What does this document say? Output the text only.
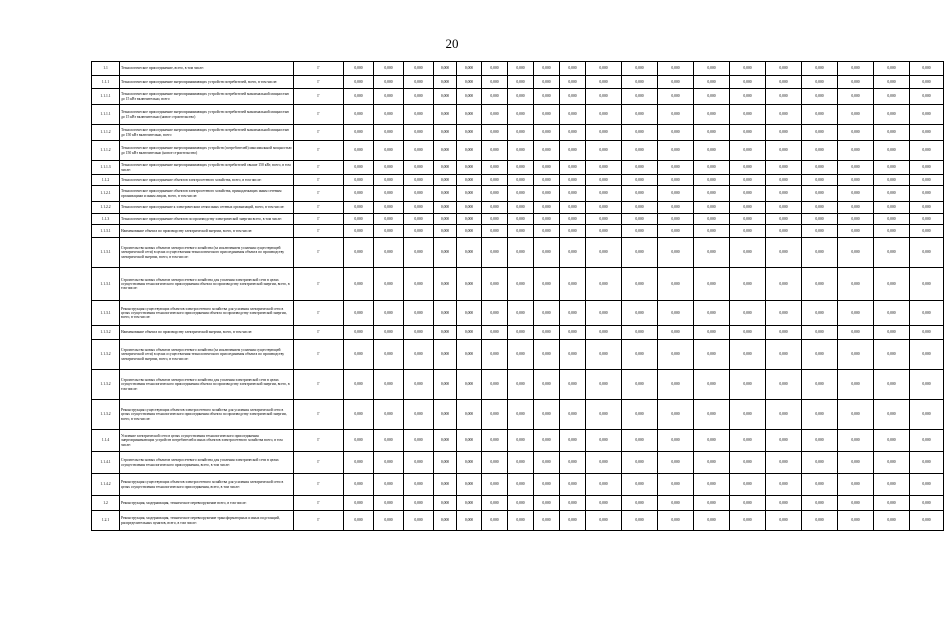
20
1.1	Технологическое присоединение, всего, в том числе:	Г	0,000	0,000	0,000	0,000	0,000	0,000	0,000	0,000	0,000	0,000	0,000	0,000	0,000	0,000	0,000	0,000	0,000	0,000	0,000
1.1.1	Технологическое присоединение энергопринимающих устройств потребителей, всего, в том числе:	Г	0,000	0,000	0,000	0,000	0,000	0,000	0,000	0,000	0,000	0,000	0,000	0,000	0,000	0,000	0,000	0,000	0,000	0,000	0,000
1.1.1.1	Технологическое присоединение энергопринимающих устройств потребителей максимальной мощностью до 15 кВт включительно, всего	Г	0,000	0,000	0,000	0,000	0,000	0,000	0,000	0,000	0,000	0,000	0,000	0,000	0,000	0,000	0,000	0,000	0,000	0,000	0,000
1.1.1.1	Технологическое присоединение энергопринимающих устройств потребителей максимальной мощностью до 15 кВт включительно (новое строительство)	Г	0,000	0,000	0,000	0,000	0,000	0,000	0,000	0,000	0,000	0,000	0,000	0,000	0,000	0,000	0,000	0,000	0,000	0,000	0,000
1.1.1.2	Технологическое присоединение энергопринимающих устройств потребителей максимальной мощностью до 150 кВт включительно, всего	Г	0,000	0,000	0,000	0,000	0,000	0,000	0,000	0,000	0,000	0,000	0,000	0,000	0,000	0,000	0,000	0,000	0,000	0,000	0,000
1.1.1.2	Технологическое присоединение энергопринимающих устройств (потребителей) максимальной мощностью до 150 кВт включительно (новое строительство)	Г	0,000	0,000	0,000	0,000	0,000	0,000	0,000	0,000	0,000	0,000	0,000	0,000	0,000	0,000	0,000	0,000	0,000	0,000	0,000
1.1.1.3	Технологическое присоединение энергопринимающих устройств потребителей свыше 150 кВт, всего, в том числе:	Г	0,000	0,000	0,000	0,000	0,000	0,000	0,000	0,000	0,000	0,000	0,000	0,000	0,000	0,000	0,000	0,000	0,000	0,000	0,000
1.1.2	Технологическое присоединение объектов электросетевого хозяйства, всего, в том числе:	Г	0,000	0,000	0,000	0,000	0,000	0,000	0,000	0,000	0,000	0,000	0,000	0,000	0,000	0,000	0,000	0,000	0,000	0,000	0,000
1.1.2.1	Технологическое присоединение объектов электросетевого хозяйства, принадлежащих иным сетевым организациям и иным лицам, всего, в том числе:	Г	0,000	0,000	0,000	0,000	0,000	0,000	0,000	0,000	0,000	0,000	0,000	0,000	0,000	0,000	0,000	0,000	0,000	0,000	0,000
1.1.2.2	Технологическое присоединение к электрическим сетям иных сетевых организаций, всего, в том числе:	Г	0,000	0,000	0,000	0,000	0,000	0,000	0,000	0,000	0,000	0,000	0,000	0,000	0,000	0,000	0,000	0,000	0,000	0,000	0,000
1.1.3	Технологическое присоединение объектов по производству электрической энергии всего, в том числе:	Г	0,000	0,000	0,000	0,000	0,000	0,000	0,000	0,000	0,000	0,000	0,000	0,000	0,000	0,000	0,000	0,000	0,000	0,000	0,000
1.1.3.1	Наименование объекта по производству электрической энергии, всего, в том числе:	Г	0,000	0,000	0,000	0,000	0,000	0,000	0,000	0,000	0,000	0,000	0,000	0,000	0,000	0,000	0,000	0,000	0,000	0,000	0,000
1.1.3.1	Строительство новых объектов электросетевого хозяйства (за исключением усиления существующей электрической сети) в целях осуществления технологического присоединения объекта по производству электрической энергии, всего, в том числе:	Г	0,000	0,000	0,000	0,000	0,000	0,000	0,000	0,000	0,000	0,000	0,000	0,000	0,000	0,000	0,000	0,000	0,000	0,000	0,000
1.1.3.1	Строительство новых объектов электросетевого хозяйства для усиления электрической сети в целях осуществления технологического присоединения объекта по производству электрической энергии, всего, в том числе:	Г	0,000	0,000	0,000	0,000	0,000	0,000	0,000	0,000	0,000	0,000	0,000	0,000	0,000	0,000	0,000	0,000	0,000	0,000	0,000
1.1.3.1	Реконструкция существующих объектов электросетевого хозяйства для усиления электрической сети в целях осуществления технологического присоединения объекта по производству электрической энергии, всего, в том числе:	Г	0,000	0,000	0,000	0,000	0,000	0,000	0,000	0,000	0,000	0,000	0,000	0,000	0,000	0,000	0,000	0,000	0,000	0,000	0,000
1.1.3.2	Наименование объекта по производству электрической энергии, всего, в том числе:	Г	0,000	0,000	0,000	0,000	0,000	0,000	0,000	0,000	0,000	0,000	0,000	0,000	0,000	0,000	0,000	0,000	0,000	0,000	0,000
1.1.3.2	Строительство новых объектов электросетевого хозяйства (за исключением усиления существующей электрической сети) в целях осуществления технологического присоединения объекта по производству электрической энергии, всего, в том числе:	Г	0,000	0,000	0,000	0,000	0,000	0,000	0,000	0,000	0,000	0,000	0,000	0,000	0,000	0,000	0,000	0,000	0,000	0,000	0,000
1.1.3.2	Строительство новых объектов электросетевого хозяйства для усиления электрической сети в целях осуществления технологического присоединения объекта по производству электрической энергии, всего, в том числе:	Г	0,000	0,000	0,000	0,000	0,000	0,000	0,000	0,000	0,000	0,000	0,000	0,000	0,000	0,000	0,000	0,000	0,000	0,000	0,000
1.1.3.2	Реконструкция существующих объектов электросетевого хозяйства для усиления электрической сети в целях осуществления технологического присоединения объекта по производству электрической энергии, всего, в том числе:	Г	0,000	0,000	0,000	0,000	0,000	0,000	0,000	0,000	0,000	0,000	0,000	0,000	0,000	0,000	0,000	0,000	0,000	0,000	0,000
1.1.4	Усиление электрической сети в целях осуществления технологического присоединения энергопринимающих устройств потребителей и иных объектов электросетевого хозяйства всего, в том числе:	Г	0,000	0,000	0,000	0,000	0,000	0,000	0,000	0,000	0,000	0,000	0,000	0,000	0,000	0,000	0,000	0,000	0,000	0,000	0,000
1.1.4.1	Строительство новых объектов электросетевого хозяйства для усиления электрической сети в целях осуществления технологического присоединения, всего, в том числе:	Г	0,000	0,000	0,000	0,000	0,000	0,000	0,000	0,000	0,000	0,000	0,000	0,000	0,000	0,000	0,000	0,000	0,000	0,000	0,000
1.1.4.2	Реконструкция существующих объектов электросетевого хозяйства для усиления электрической сети в целях осуществления технологического присоединения, всего, в том числе:	Г	0,000	0,000	0,000	0,000	0,000	0,000	0,000	0,000	0,000	0,000	0,000	0,000	0,000	0,000	0,000	0,000	0,000	0,000	0,000
1.2	Реконструкция, модернизация, техническое перевооружение всего, в том числе:	Г	0,000	0,000	0,000	0,000	0,000	0,000	0,000	0,000	0,000	0,000	0,000	0,000	0,000	0,000	0,000	0,000	0,000	0,000	0,000
1.2.1	Реконструкция, модернизация, техническое перевооружение трансформаторных и иных подстанций, распределительных пунктов, всего, в том числе:	Г	0,000	0,000	0,000	0,000	0,000	0,000	0,000	0,000	0,000	0,000	0,000	0,000	0,000	0,000	0,000	0,000	0,000	0,000	0,000
